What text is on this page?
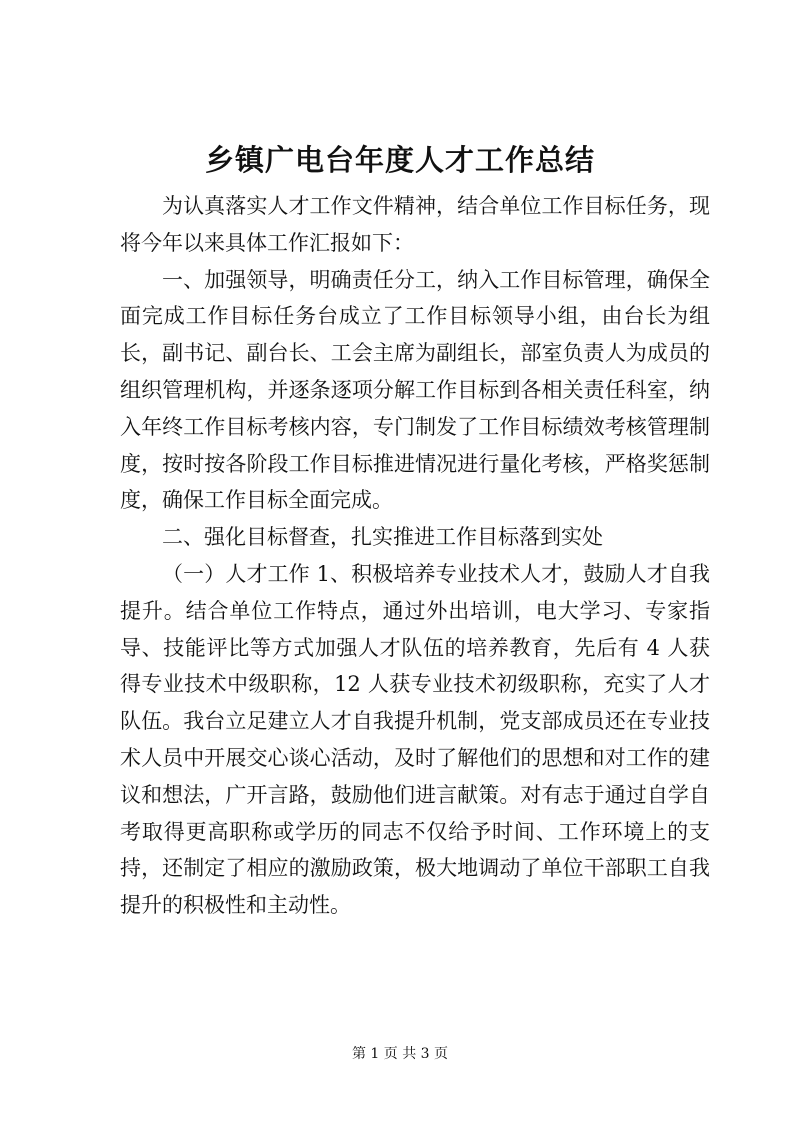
乡镇广电台年度人才工作总结

为认真落实人才工作文件精神，结合单位工作目标任务，现将今年以来具体工作汇报如下：

一、加强领导，明确责任分工，纳入工作目标管理，确保全面完成工作目标任务台成立了工作目标领导小组，由台长为组长，副书记、副台长、工会主席为副组长，部室负责人为成员的组织管理机构，并逐条逐项分解工作目标到各相关责任科室，纳入年终工作目标考核内容，专门制发了工作目标绩效考核管理制度，按时按各阶段工作目标推进情况进行量化考核，严格奖惩制度，确保工作目标全面完成。

二、强化目标督查，扎实推进工作目标落到实处

（一）人才工作 1、积极培养专业技术人才，鼓励人才自我提升。结合单位工作特点，通过外出培训，电大学习、专家指导、技能评比等方式加强人才队伍的培养教育，先后有 4 人获得专业技术中级职称，12 人获专业技术初级职称，充实了人才队伍。我台立足建立人才自我提升机制，党支部成员还在专业技术人员中开展交心谈心活动，及时了解他们的思想和对工作的建议和想法，广开言路，鼓励他们进言献策。对有志于通过自学自考取得更高职称或学历的同志不仅给予时间、工作环境上的支持，还制定了相应的激励政策，极大地调动了单位干部职工自我提升的积极性和主动性。

第 1 页 共 3 页
